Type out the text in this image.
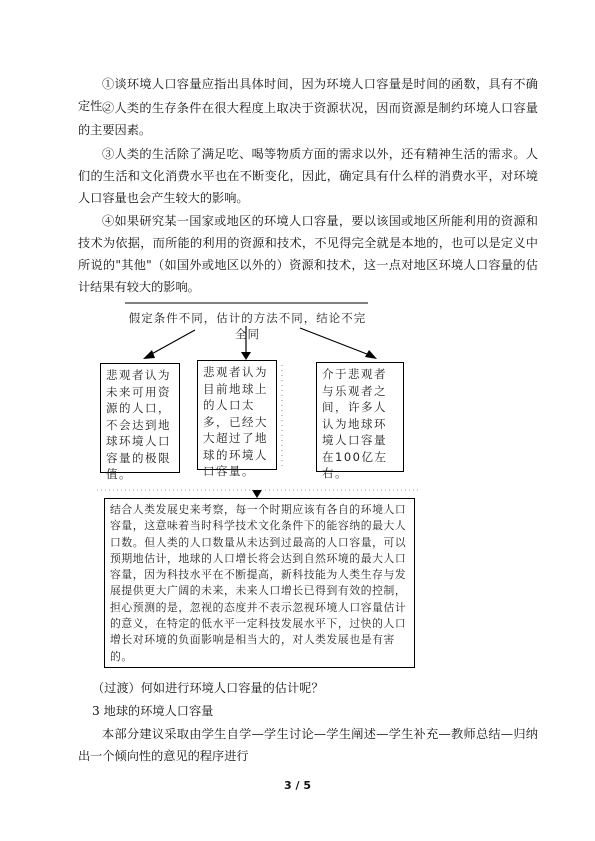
①谈环境人口容量应指出具体时间，因为环境人口容量是时间的函数，具有不确定性。

②人类的生存条件在很大程度上取决于资源状况，因而资源是制约环境人口容量的主要因素。

③人类的生活除了满足吃、喝等物质方面的需求以外，还有精神生活的需求。人们的生活和文化消费水平也在不断变化，因此，确定具有什么样的消费水平，对环境人口容量也会产生较大的影响。

④如果研究某一国家或地区的环境人口容量，要以该国或地区所能利用的资源和技术为依据，而所能的利用的资源和技术，不见得完全就是本地的，也可以是定义中所说的"其他"（如国外或地区以外的）资源和技术，这一点对地区环境人口容量的估计结果有较大的影响。

假定条件不同，估计的方法不同，结论不完全同
悲观者认为未来可用资源的人口，不会达到地球环境人口容量的极限值。
悲观者认为目前地球上的人口太多，已经大大超过了地球的环境人口容量。
介于悲观者与乐观者之间，许多人认为地球环境人口容量在100亿左右。
结合人类发展史来考察，每一个时期应该有各自的环境人口容量，这意味着当时科学技术文化条件下的能容纳的最大人口数。但人类的人口数量从未达到过最高的人口容量，可以预期地估计，地球的人口增长将会达到自然环境的最大人口容量，因为科技水平在不断提高，新科技能为人类生存与发展提供更大广阔的未来，未来人口增长已得到有效的控制，担心预测的是，忽视的态度并不表示忽视环境人口容量估计的意义，在特定的低水平一定科技发展水平下，过快的人口增长对环境的负面影响是相当大的，对人类发展也是有害的。

（过渡）何如进行环境人口容量的估计呢？

3 地球的环境人口容量

本部分建议采取由学生自学—学生讨论—学生阐述—学生补充—教师总结—归纳出一个倾向性的意见的程序进行

3 / 5
